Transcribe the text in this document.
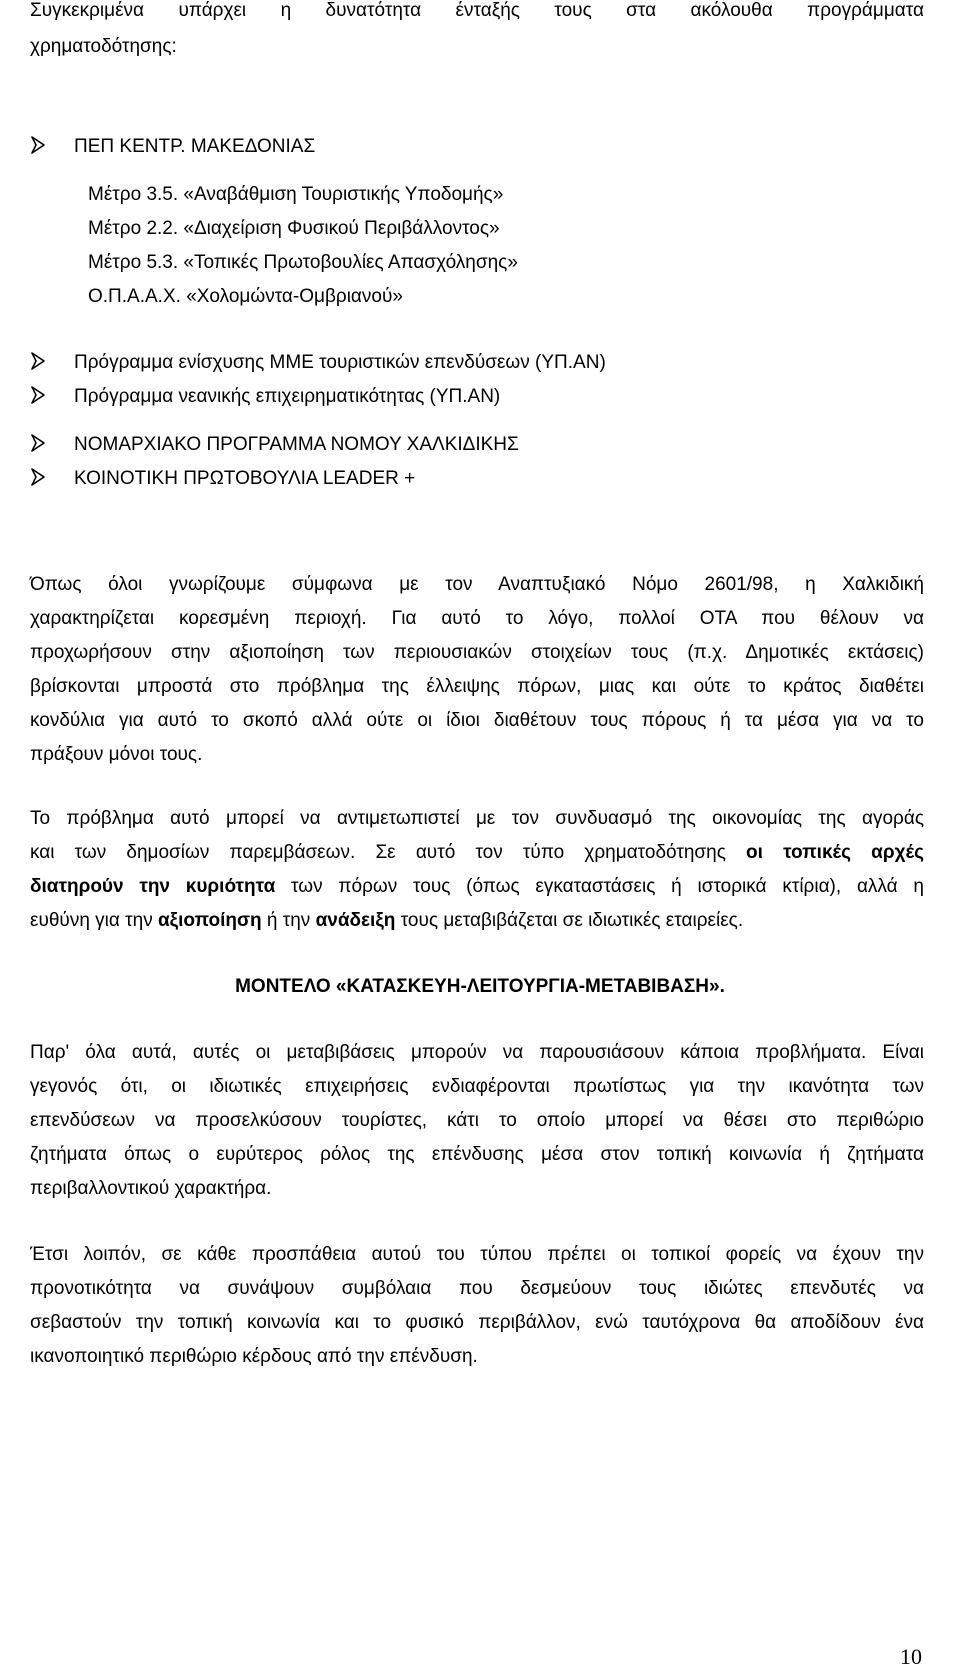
Συγκεκριμένα υπάρχει η δυνατότητα ένταξής τους στα ακόλουθα προγράμματα
χρηματοδότησης:
ΠΕΠ ΚΕΝΤΡ. ΜΑΚΕΔΟΝΙΑΣ
Μέτρο 3.5. «Αναβάθμιση Τουριστικής Υποδομής»
Μέτρο 2.2. «Διαχείριση Φυσικού Περιβάλλοντος»
Μέτρο 5.3. «Τοπικές Πρωτοβουλίες Απασχόλησης»
Ο.Π.Α.Α.Χ. «Χολομώντα-Ομβριανού»
Πρόγραμμα ενίσχυσης ΜΜΕ τουριστικών επενδύσεων (ΥΠ.ΑΝ)
Πρόγραμμα νεανικής επιχειρηματικότητας (ΥΠ.ΑΝ)
ΝΟΜΑΡΧΙΑΚΟ ΠΡΟΓΡΑΜΜΑ ΝΟΜΟΥ ΧΑΛΚΙΔΙΚΗΣ
ΚΟΙΝΟΤΙΚΗ ΠΡΩΤΟΒΟΥΛΙΑ LEADER +
Όπως όλοι γνωρίζουμε σύμφωνα με τον Αναπτυξιακό Νόμο 2601/98, η Χαλκιδική
χαρακτηρίζεται κορεσμένη περιοχή. Για αυτό το λόγο, πολλοί ΟΤΑ που θέλουν να
προχωρήσουν στην αξιοποίηση των περιουσιακών στοιχείων τους (π.χ. Δημοτικές εκτάσεις)
βρίσκονται μπροστά στο πρόβλημα της έλλειψης πόρων, μιας και ούτε το κράτος διαθέτει
κονδύλια για αυτό το σκοπό αλλά ούτε οι ίδιοι διαθέτουν τους πόρους ή τα μέσα για να το
πράξουν μόνοι τους.
Το πρόβλημα αυτό μπορεί να αντιμετωπιστεί με τον συνδυασμό της οικονομίας της αγοράς
και των δημοσίων παρεμβάσεων. Σε αυτό τον τύπο χρηματοδότησης οι τοπικές αρχές
διατηρούν την κυριότητα των πόρων τους (όπως εγκαταστάσεις ή ιστορικά κτίρια), αλλά η
ευθύνη για την αξιοποίηση ή την ανάδειξη τους μεταβιβάζεται σε ιδιωτικές εταιρείες.
ΜΟΝΤΕΛΟ «ΚΑΤΑΣΚΕΥΗ-ΛΕΙΤΟΥΡΓΙΑ-ΜΕΤΑΒΙΒΑΣΗ».
Παρ' όλα αυτά, αυτές οι μεταβιβάσεις μπορούν να παρουσιάσουν κάποια προβλήματα. Είναι
γεγονός ότι, οι ιδιωτικές επιχειρήσεις ενδιαφέρονται πρωτίστως για την ικανότητα των
επενδύσεων να προσελκύσουν τουρίστες, κάτι το οποίο μπορεί να θέσει στο περιθώριο
ζητήματα όπως ο ευρύτερος ρόλος της επένδυσης μέσα στον τοπική κοινωνία ή ζητήματα
περιβαλλοντικού χαρακτήρα.
Έτσι λοιπόν, σε κάθε προσπάθεια αυτού του τύπου πρέπει οι τοπικοί φορείς να έχουν την
προνοτικότητα να συνάψουν συμβόλαια που δεσμεύουν τους ιδιώτες επενδυτές να
σεβαστούν την τοπική κοινωνία και το φυσικό περιβάλλον, ενώ ταυτόχρονα θα αποδίδουν ένα
ικανοποιητικό περιθώριο κέρδους από την επένδυση.
10
